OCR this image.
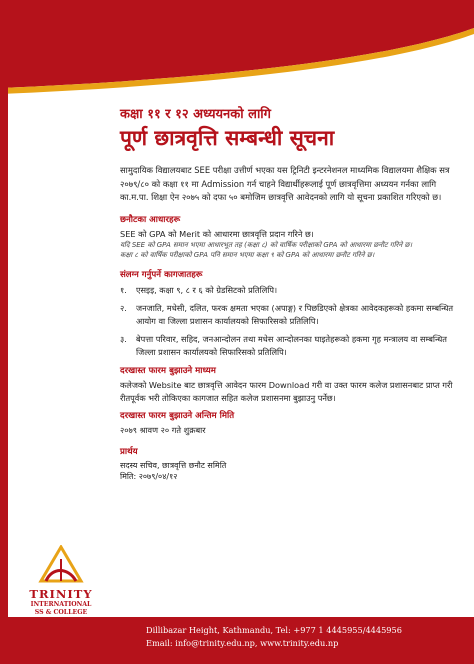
कक्षा ११ र १२ अध्ययनको लागि

पूर्ण छात्रवृत्ति सम्बन्धी सूचना

सामुदायिक विद्यालयबाट SEE परीक्षा उत्तीर्ण भएका यस ट्रिनिटी इन्टरनेशनल माध्यमिक विद्यालयमा शैक्षिक सत्र २०७९/८० को कक्षा ११ मा Admission गर्न चाहने विद्यार्थीहरूलाई पूर्ण छात्रवृत्तिमा अध्ययन गर्नका लागि का.म.पा. शिक्षा ऐन २०७५ को दफा ५० बमोजिम छात्रवृत्ति आवेदनको लागि यो सूचना प्रकाशित गरिएको छ।

छनौटका आधारहरू

SEE को GPA को Merit को आधारमा छात्रवृत्ति प्रदान गरिने छ।

यदि SEE को GPA समान भएमा आधारभूत तह (कक्षा ८) को वार्षिक परीक्षाको GPA को आधारमा छनौट गरिने छ।

कक्षा ८ को वार्षिक परीक्षाको GPA पनि समान भएमा कक्षा ९ को GPA को आधारमा छनौट गरिने छ।

संलग्न गर्नुपर्ने कागजातहरू
१. एसइइ, कक्षा ९, ८ र ६ को ग्रेडसिटको प्रतिलिपि।
२. जनजाति, मधेसी, दलित, फरक क्षमता भएका (अपाङ्ग) र पिछडिएको क्षेत्रका आवेदकहरूको हकमा सम्बन्धित आयोग वा जिल्ला प्रशासन कार्यालयको सिफारिसको प्रतिलिपि।
३. बेपत्ता परिवार, सहिद, जनआन्दोलन तथा मधेस आन्दोलनका घाइतेहरूको हकमा गृह मन्त्रालय वा सम्बन्धित जिल्ला प्रशासन कार्यालयको सिफारिसको प्रतिलिपि।
दरखास्त फारम बुझाउने माध्यम

कलेजको Website बाट छात्रवृत्ति आवेदन फारम Download गरी वा उक्त फारम कलेज प्रशासनबाट प्राप्त गरी रीतपूर्वक भरी तोकिएका कागजात सहित कलेज प्रशासनमा बुझाउनु पर्नेछ।

दरखास्त फारम बुझाउने अन्तिम मिति

२०७९ श्रावण २० गते शुक्रबार

प्रार्थय

सदस्य सचिव, छात्रवृत्ति छनौट समिति

मिति: २०७९/०४/१२

TRINITY
INTERNATIONAL
SS & COLLEGE
Dillibazar Height, Kathmandu, Tel: +977 1 4445955/4445956
Email: info@trinity.edu.np, www.trinity.edu.np
